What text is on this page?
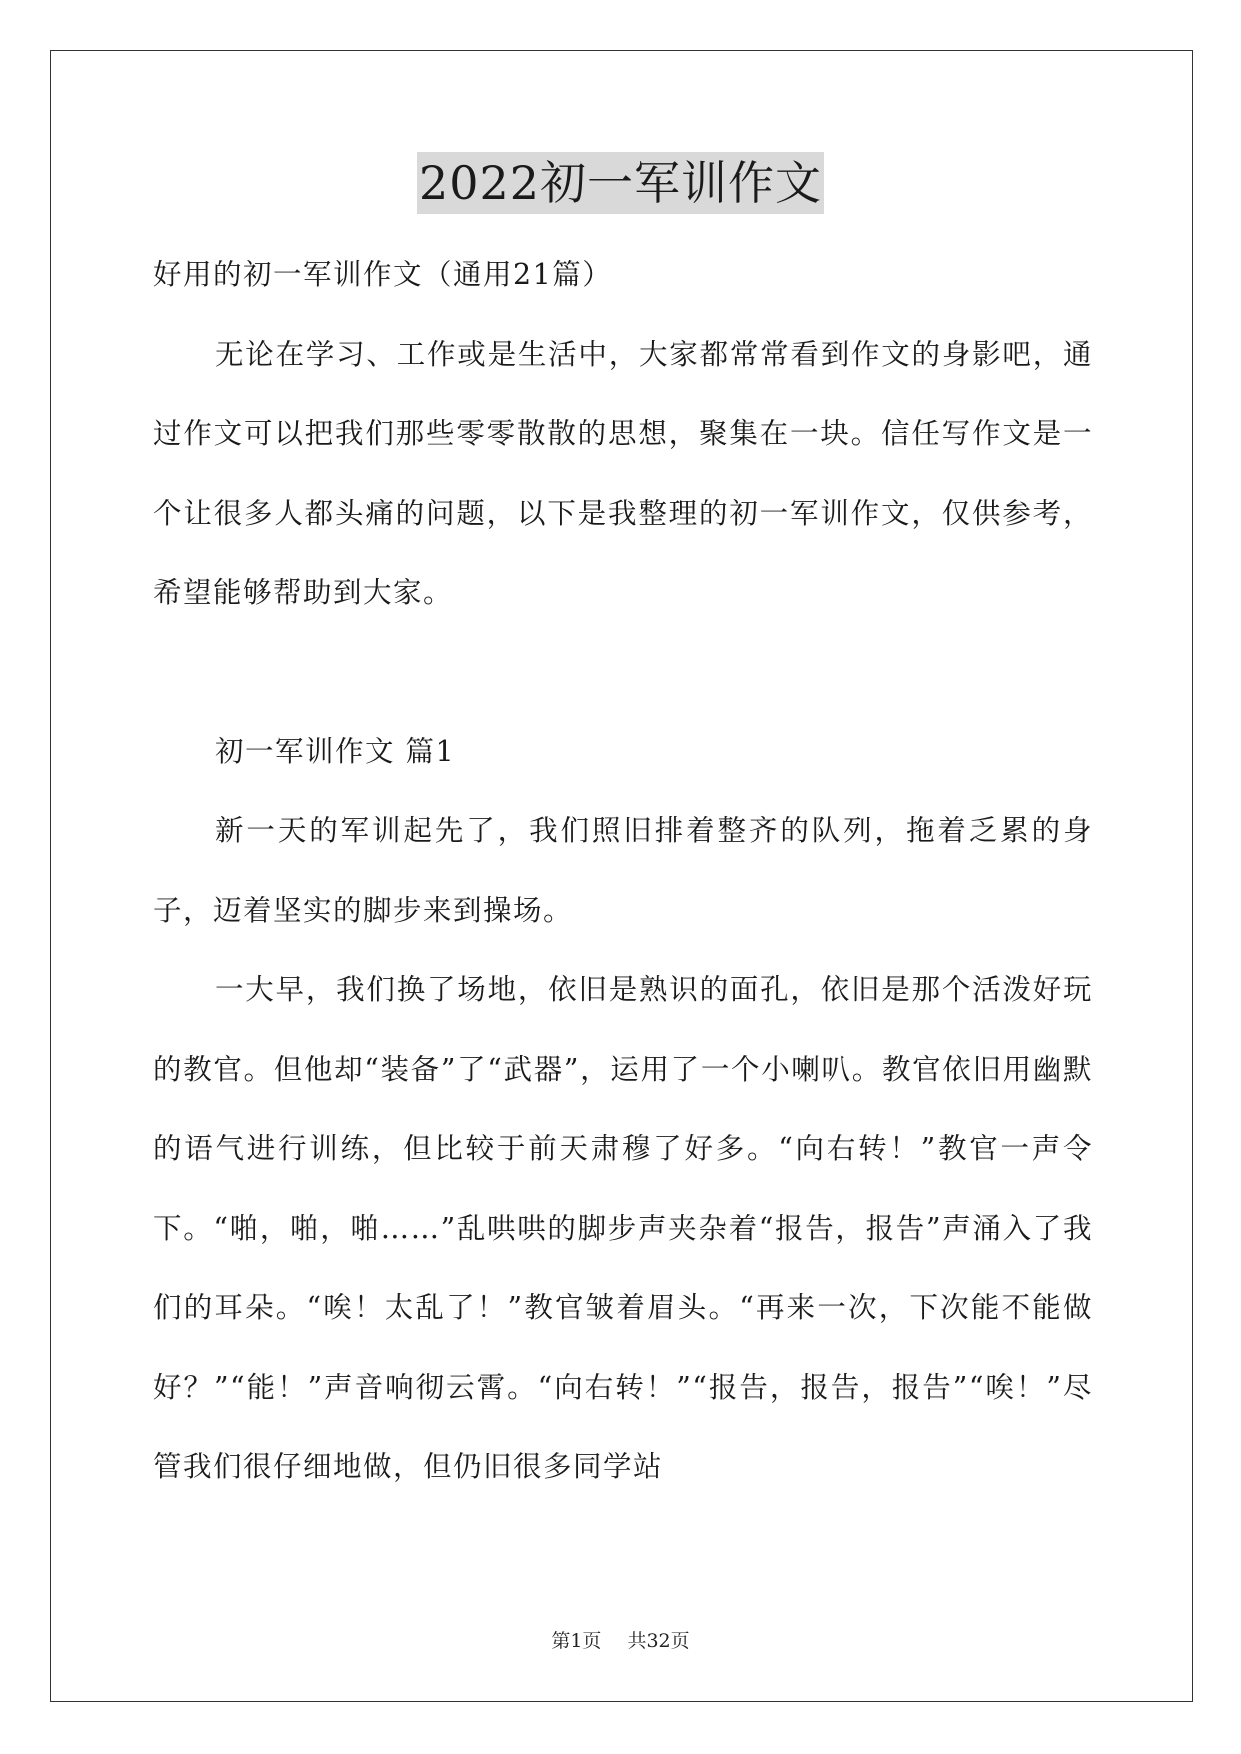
2022初一军训作文

好用的初一军训作文（通用21篇）

无论在学习、工作或是生活中，大家都常常看到作文的身影吧，通过作文可以把我们那些零零散散的思想，聚集在一块。信任写作文是一个让很多人都头痛的问题，以下是我整理的初一军训作文，仅供参考，希望能够帮助到大家。

初一军训作文 篇1

新一天的军训起先了，我们照旧排着整齐的队列，拖着乏累的身子，迈着坚实的脚步来到操场。

一大早，我们换了场地，依旧是熟识的面孔，依旧是那个活泼好玩的教官。但他却“装备”了“武器”，运用了一个小喇叭。教官依旧用幽默的语气进行训练，但比较于前天肃穆了好多。“向右转！”教官一声令下。“啪，啪，啪……”乱哄哄的脚步声夹杂着“报告，报告”声涌入了我们的耳朵。“唉！太乱了！”教官皱着眉头。“再来一次，下次能不能做好？”“能！”声音响彻云霄。“向右转！”“报告，报告，报告”“唉！”尽管我们很仔细地做，但仍旧很多同学站

第1页 共32页
